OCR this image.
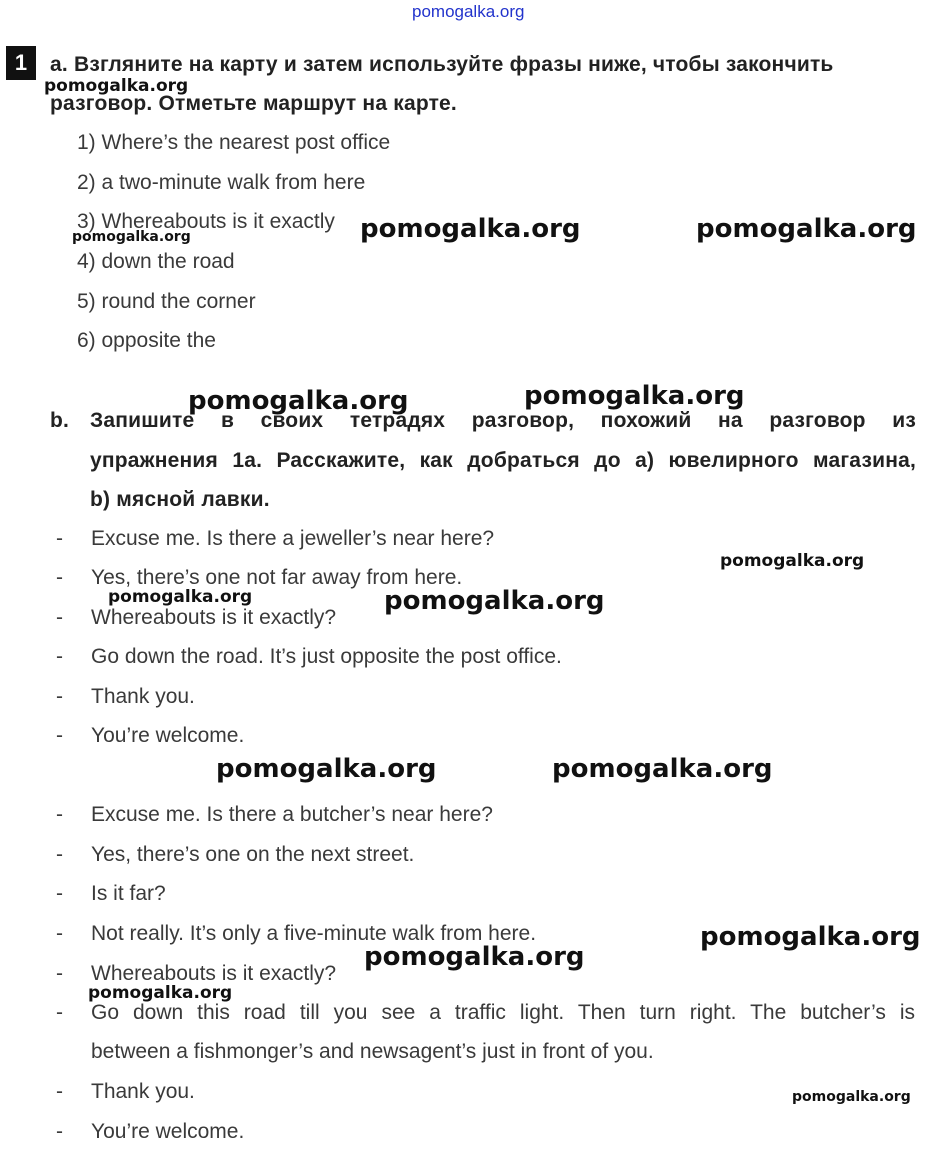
pomogalka.org
1	a. Взгляните на карту и затем используйте фразы ниже, чтобы закончить
разговор. Отметьте маршрут на карте.
1) Where’s the nearest post office
2) a two-minute walk from here
3) Whereabouts is it exactly
4) down the road
5) round the corner
6) opposite the
b. Запишите в своих тетрадях разговор, похожий на разговор из
упражнения 1a. Расскажите, как добраться до a) ювелирного магазина,
b) мясной лавки.
- Excuse me. Is there a jeweller’s near here?
- Yes, there’s one not far away from here.
- Whereabouts is it exactly?
- Go down the road. It’s just opposite the post office.
- Thank you.
- You’re welcome.
- Excuse me. Is there a butcher’s near here?
- Yes, there’s one on the next street.
- Is it far?
- Not really. It’s only a five-minute walk from here.
- Whereabouts is it exactly?
- Go down this road till you see a traffic light. Then turn right. The butcher’s is
between a fishmonger’s and newsagent’s just in front of you.
- Thank you.
- You’re welcome.
pomogalka.org
pomogalka.org	pomogalka.org	pomogalka.org
pomogalka.org	pomogalka.org
pomogalka.org
pomogalka.org	pomogalka.org
pomogalka.org	pomogalka.org
pomogalka.org
pomogalka.org
pomogalka.org
pomogalka.org
